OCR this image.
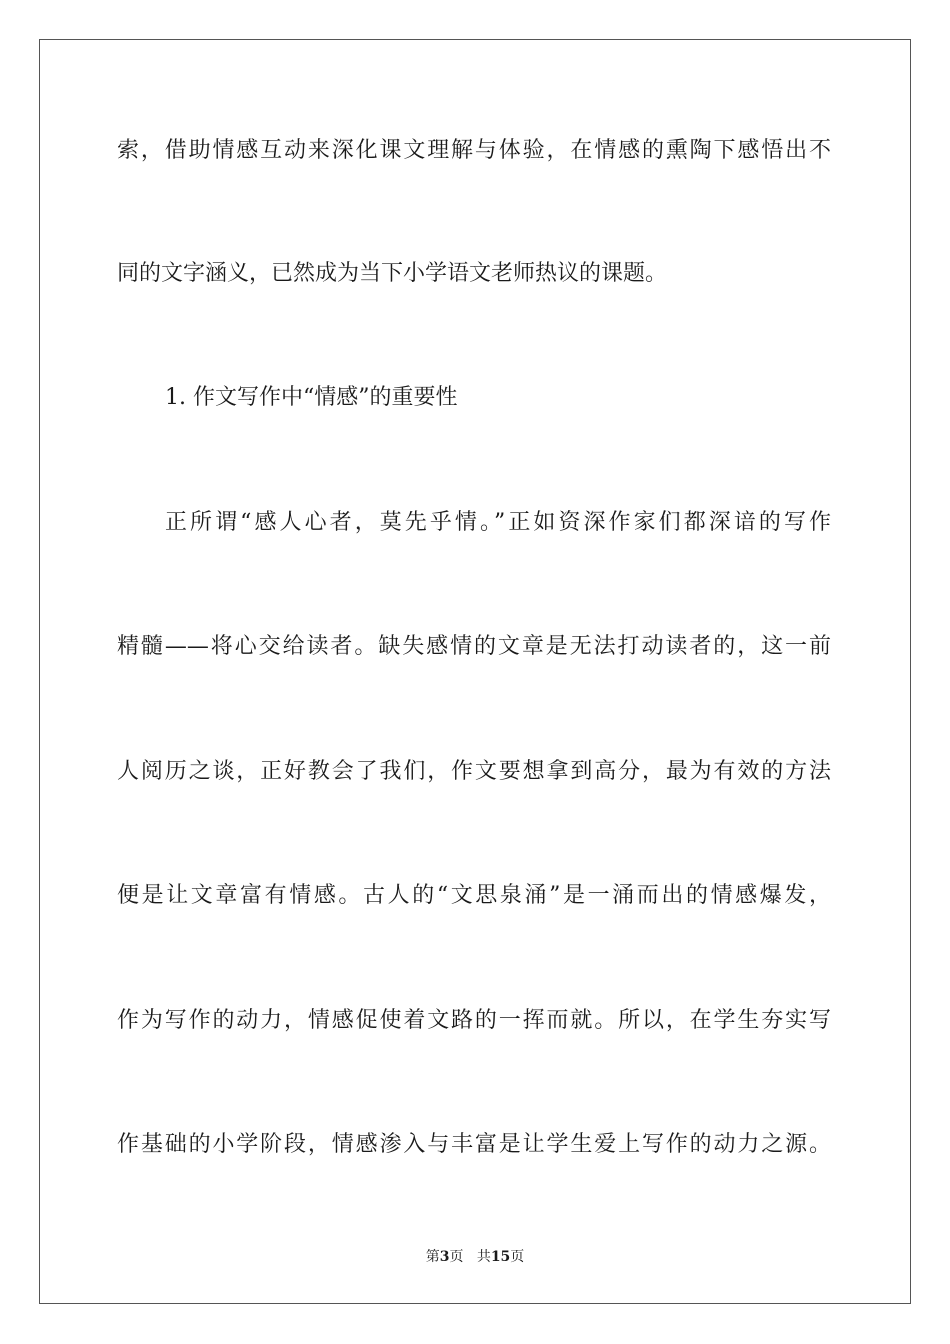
索，借助情感互动来深化课文理解与体验，在情感的熏陶下感悟出不
同的文字涵义，已然成为当下小学语文老师热议的课题。
1. 作文写作中“情感”的重要性
正所谓“感人心者，莫先乎情。”正如资深作家们都深谙的写作
精髓——将心交给读者。缺失感情的文章是无法打动读者的，这一前
人阅历之谈，正好教会了我们，作文要想拿到高分，最为有效的方法
便是让文章富有情感。古人的“文思泉涌”是一涌而出的情感爆发，
作为写作的动力，情感促使着文路的一挥而就。所以，在学生夯实写
作基础的小学阶段，情感渗入与丰富是让学生爱上写作的动力之源。
第3页 共15页
